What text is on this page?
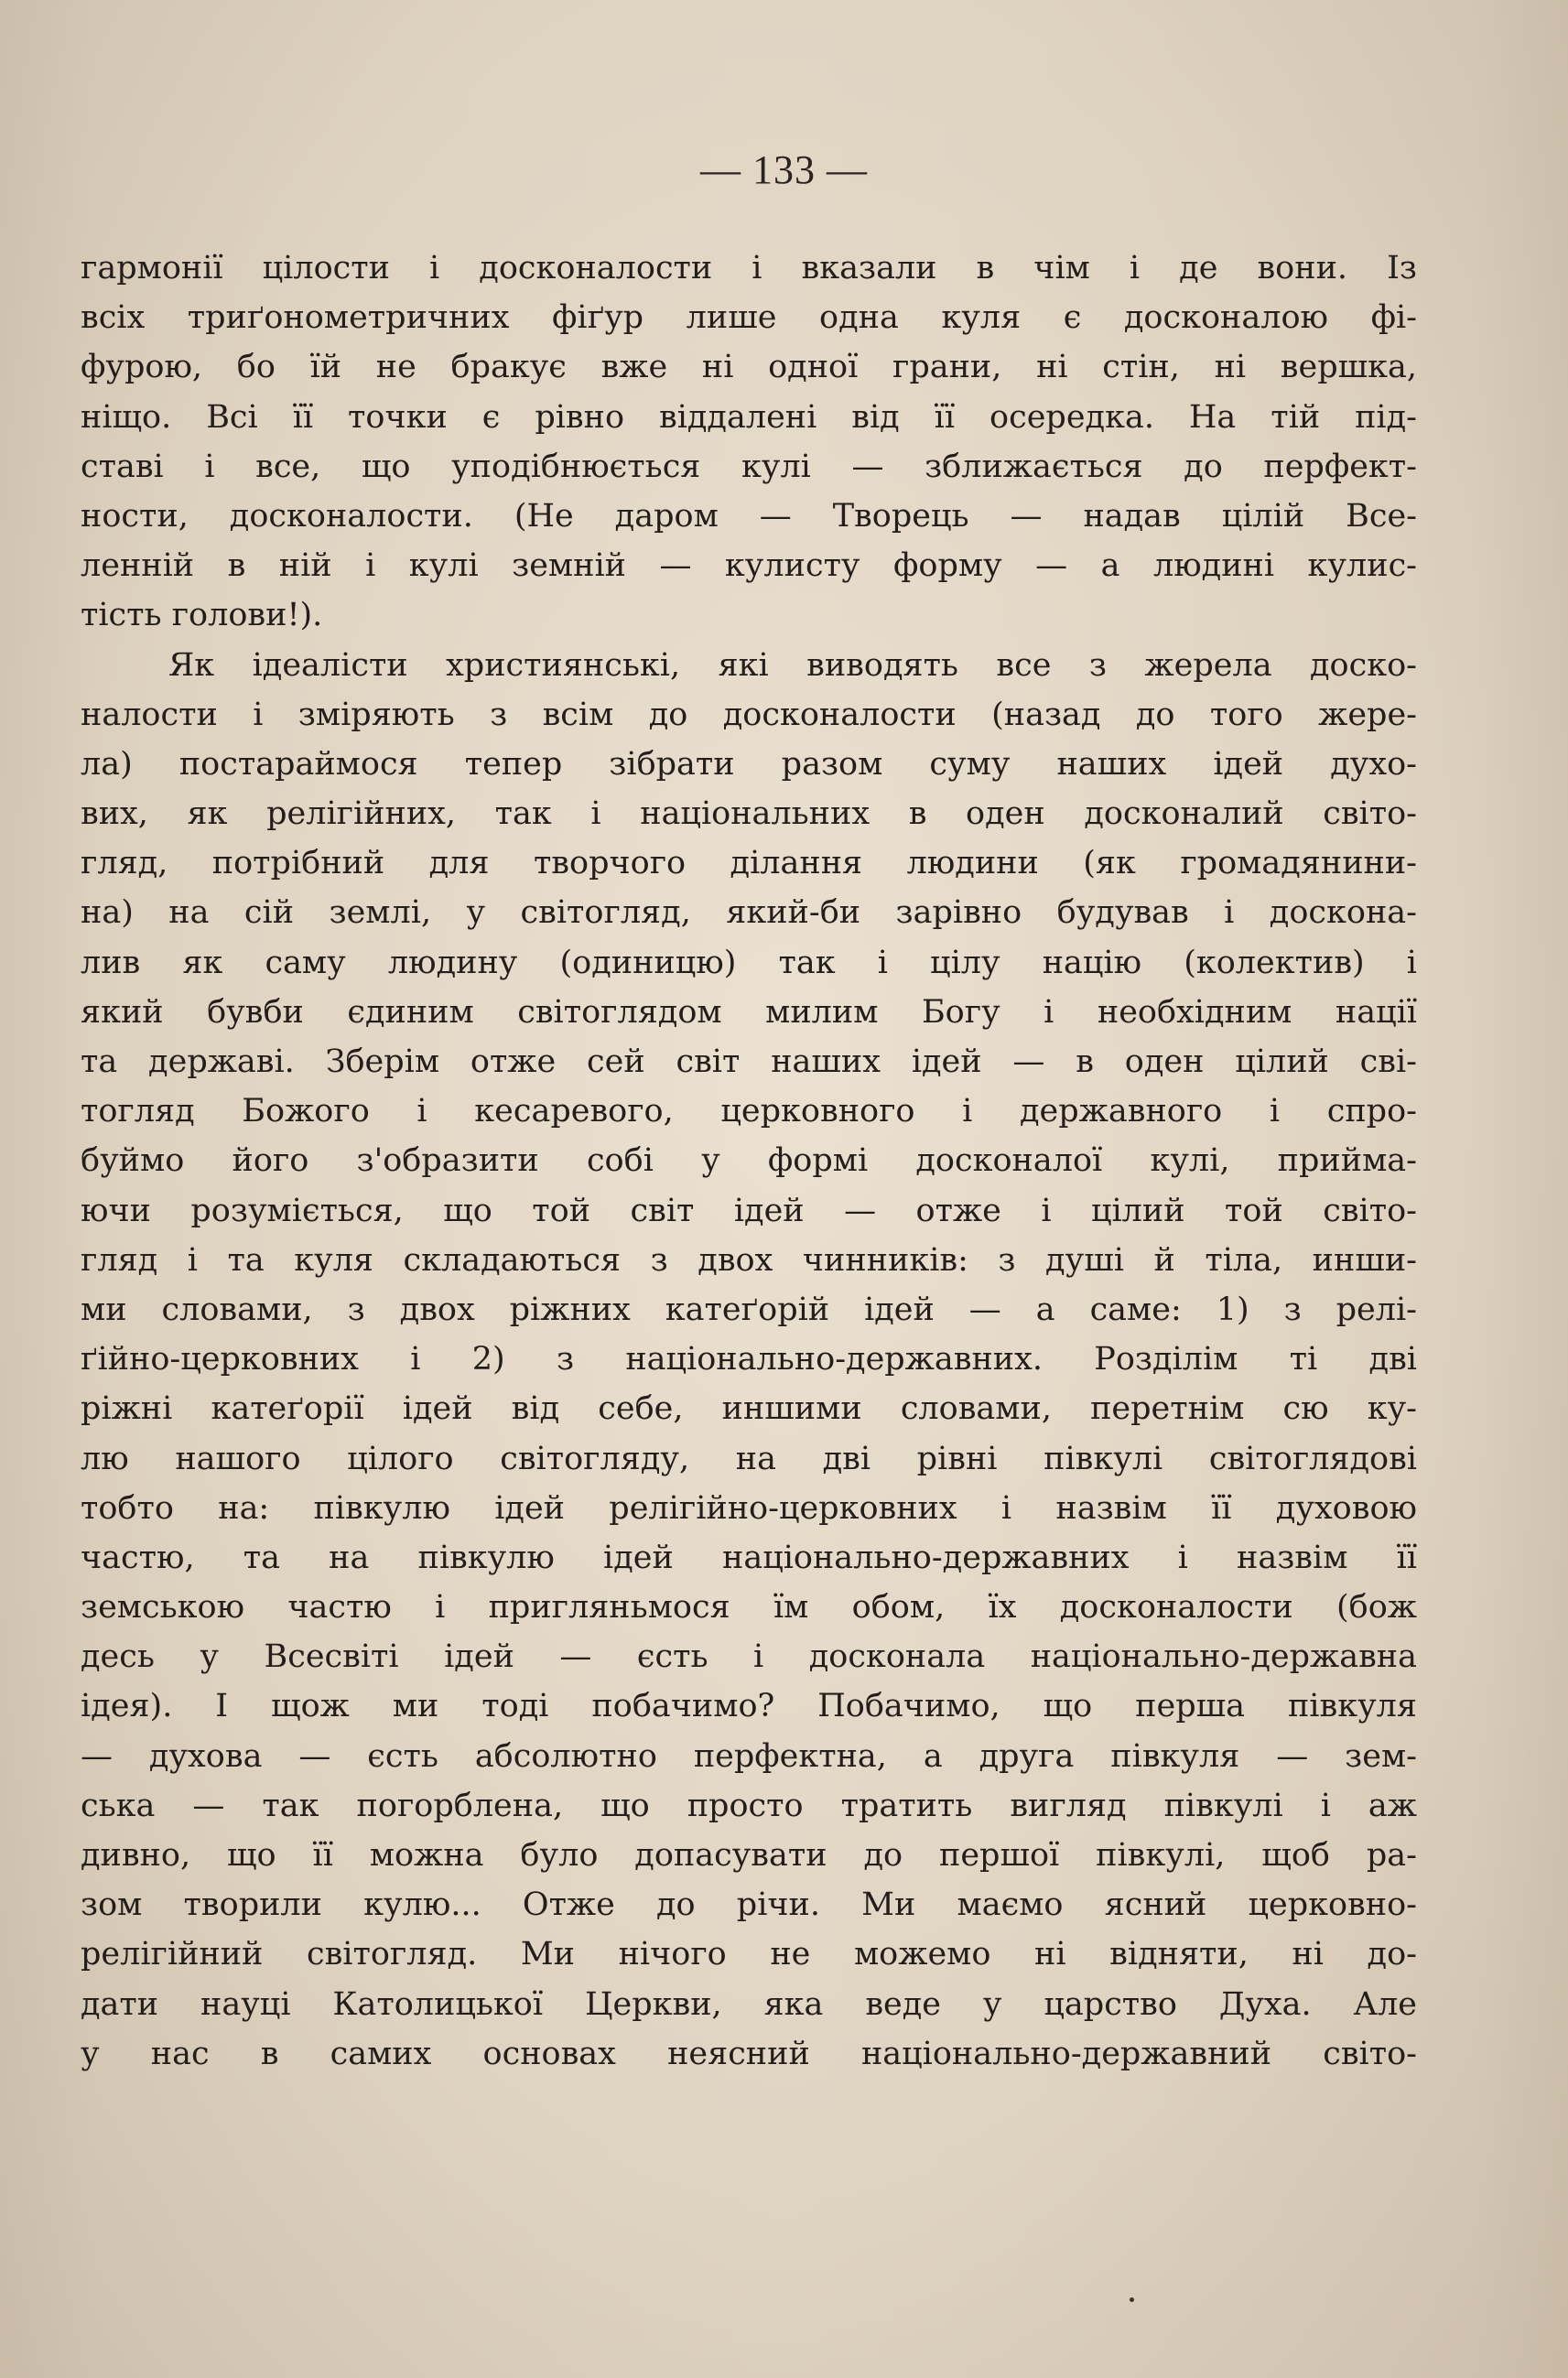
— 133 —
гармонії цілости і досконалости і вказали в чім і де вони. Із
всіх триґонометричних фіґур лише одна куля є досконалою фі-
фурою, бо їй не бракує вже ні одної грани, ні стін, ні вершка,
ніщо. Всі її точки є рівно віддалені від її осередка. На тій під-
ставі і все, що уподібнюється кулі — зближається до перфект-
ности, досконалости. (Не даром — Творець — надав цілій Все-
ленній в ній і кулі земній — кулисту форму — а людині кулис-
тість голови!).
Як ідеалісти християнські, які виводять все з жерела доско-
налости і зміряють з всім до досконалости (назад до того жере-
ла) постараймося тепер зібрати разом суму наших ідей духо-
вих, як релігійних, так і національних в оден досконалий світо-
гляд, потрібний для творчого ділання людини (як громадянини-
на) на сій землі, у світогляд, який-би зарівно будував і доскона-
лив як саму людину (одиницю) так і цілу націю (колектив) і
який бувби єдиним світоглядом милим Богу і необхідним нації
та державі. Зберім отже сей світ наших ідей — в оден цілий сві-
тогляд Божого і кесаревого, церковного і державного і спро-
буймо його з'образити собі у формі досконалої кулі, прийма-
ючи розуміється, що той світ ідей — отже і цілий той світо-
гляд і та куля складаються з двох чинників: з душі й тіла, инши-
ми словами, з двох ріжних катеґорій ідей — а саме: 1) з релі-
ґійно-церковних і 2) з національно-державних. Розділім ті дві
ріжні катеґорії ідей від себе, иншими словами, перетнім сю ку-
лю нашого цілого світогляду, на дві рівні півкулі світоглядові
тобто на: півкулю ідей релігійно-церковних і назвім її духовою
частю, та на півкулю ідей національно-державних і назвім її
земською частю і пригляньмося їм обом, їх досконалости (бож
десь у Всесвіті ідей — єсть і досконала національно-державна
ідея). І щож ми тоді побачимо? Побачимо, що перша півкуля
— духова — єсть абсолютно перфектна, а друга півкуля — зем-
ська — так погорблена, що просто тратить вигляд півкулі і аж
дивно, що її можна було допасувати до першої півкулі, щоб ра-
зом творили кулю... Отже до річи. Ми маємо ясний церковно-
релігійний світогляд. Ми нічого не можемо ні відняти, ні до-
дати науці Католицької Церкви, яка веде у царство Духа. Але
у нас в самих основах неясний національно-державний світо-
